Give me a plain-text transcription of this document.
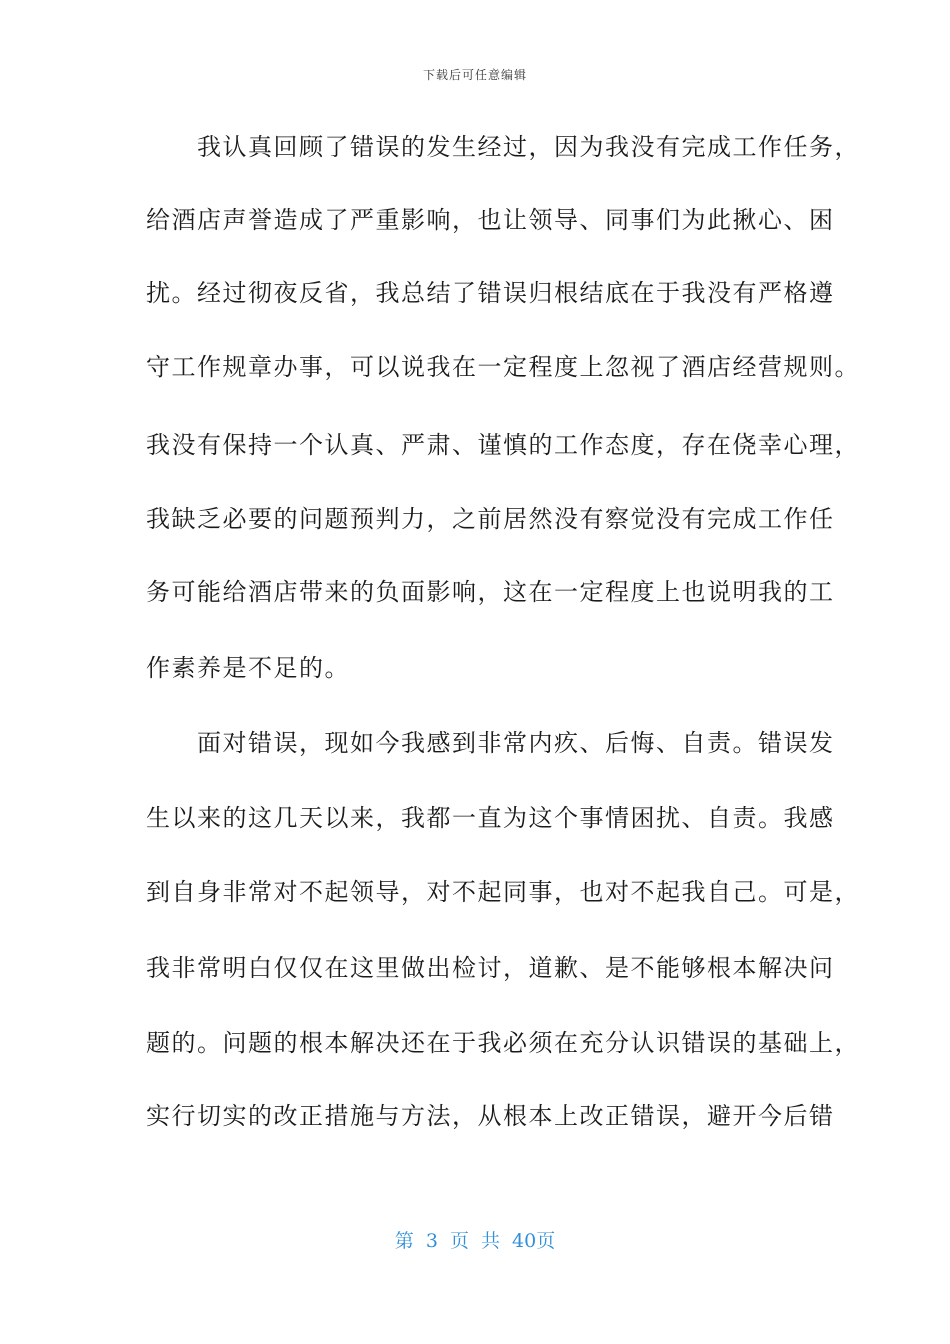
下载后可任意编辑
　　我认真回顾了错误的发生经过，因为我没有完成工作任务，
给酒店声誉造成了严重影响，也让领导、同事们为此揪心、困
扰。经过彻夜反省，我总结了错误归根结底在于我没有严格遵
守工作规章办事，可以说我在一定程度上忽视了酒店经营规则。
我没有保持一个认真、严肃、谨慎的工作态度，存在侥幸心理，
我缺乏必要的问题预判力，之前居然没有察觉没有完成工作任
务可能给酒店带来的负面影响，这在一定程度上也说明我的工
作素养是不足的。
　　面对错误，现如今我感到非常内疚、后悔、自责。错误发
生以来的这几天以来，我都一直为这个事情困扰、自责。我感
到自身非常对不起领导，对不起同事，也对不起我自己。可是，
我非常明白仅仅在这里做出检讨，道歉、是不能够根本解决问
题的。问题的根本解决还在于我必须在充分认识错误的基础上，
实行切实的改正措施与方法，从根本上改正错误，避开今后错
第 3 页 共 40页
